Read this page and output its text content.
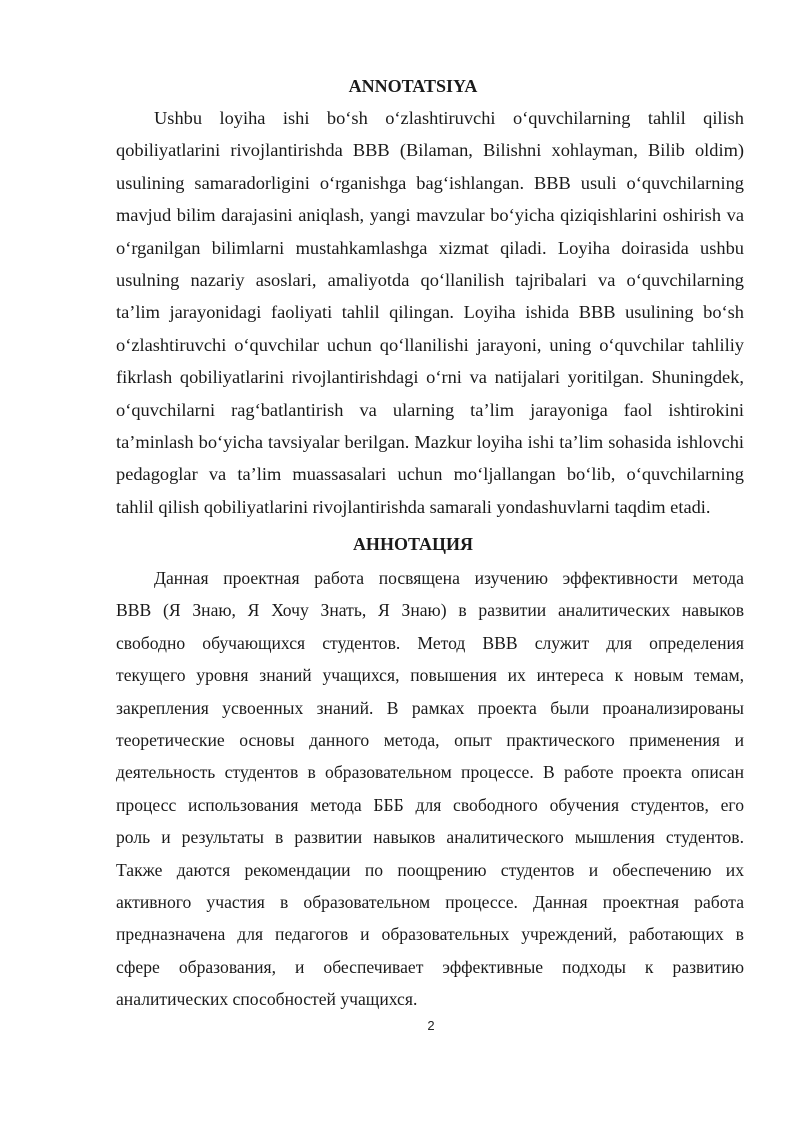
ANNOTATSIYA
Ushbu loyiha ishi bo‘sh o‘zlashtiruvchi o‘quvchilarning tahlil qilish
qobiliyatlarini rivojlantirishda BBB (Bilaman, Bilishni xohlayman, Bilib oldim)
usulining samaradorligini o‘rganishga bag‘ishlangan. BBB usuli o‘quvchilarning
mavjud bilim darajasini aniqlash, yangi mavzular bo‘yicha qiziqishlarini oshirish va
o‘rganilgan bilimlarni mustahkamlashga xizmat qiladi. Loyiha doirasida ushbu
usulning nazariy asoslari, amaliyotda qo‘llanilish tajribalari va o‘quvchilarning
ta’lim jarayonidagi faoliyati tahlil qilingan. Loyiha ishida BBB usulining bo‘sh
o‘zlashtiruvchi o‘quvchilar uchun qo‘llanilishi jarayoni, uning o‘quvchilar tahliliy
fikrlash qobiliyatlarini rivojlantirishdagi o‘rni va natijalari yoritilgan. Shuningdek,
o‘quvchilarni rag‘batlantirish va ularning ta’lim jarayoniga faol ishtirokini
ta’minlash bo‘yicha tavsiyalar berilgan. Mazkur loyiha ishi ta’lim sohasida ishlovchi
pedagoglar va ta’lim muassasalari uchun mo‘ljallangan bo‘lib, o‘quvchilarning
tahlil qilish qobiliyatlarini rivojlantirishda samarali yondashuvlarni taqdim etadi.
АННОТАЦИЯ
Данная проектная работа посвящена изучению эффективности метода
ВВВ (Я Знаю, Я Хочу Знать, Я Знаю) в развитии аналитических навыков
свободно обучающихся студентов. Метод ВВВ служит для определения
текущего уровня знаний учащихся, повышения их интереса к новым темам,
закрепления усвоенных знаний. В рамках проекта были проанализированы
теоретические основы данного метода, опыт практического применения и
деятельность студентов в образовательном процессе. В работе проекта описан
процесс использования метода БББ для свободного обучения студентов, его
роль и результаты в развитии навыков аналитического мышления студентов.
Также даются рекомендации по поощрению студентов и обеспечению их
активного участия в образовательном процессе. Данная проектная работа
предназначена для педагогов и образовательных учреждений, работающих в
сфере образования, и обеспечивает эффективные подходы к развитию
аналитических способностей учащихся.
2
